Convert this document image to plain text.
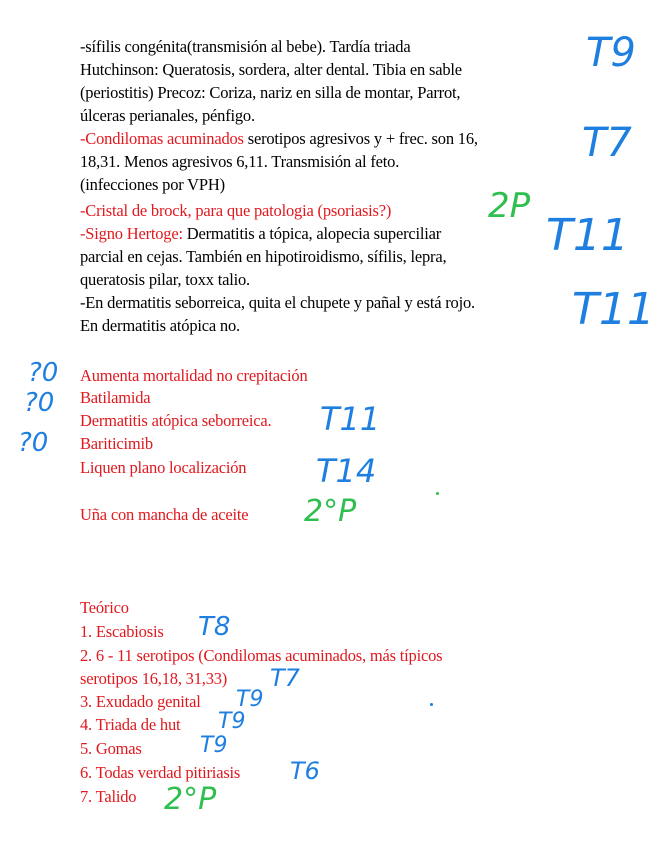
-sífilis congénita(transmisión al bebe). Tardía triada
Hutchinson: Queratosis, sordera, alter dental. Tibia en sable
(periostitis) Precoz: Coriza, nariz en silla de montar, Parrot,
úlceras perianales, pénfigo.
-Condilomas acuminados serotipos agresivos y + frec. son 16,
18,31. Menos agresivos 6,11. Transmisión al feto.
(infecciones por VPH)
-Cristal de brock, para que patologia (psoriasis?)
-Signo Hertoge: Dermatitis a tópica, alopecia superciliar
parcial en cejas. También en hipotiroidismo, sífilis, lepra,
queratosis pilar, toxx talio.
-En dermatitis seborreica, quita el chupete y pañal y está rojo.
En dermatitis atópica no.
Aumenta mortalidad no crepitación
Batilamida
Dermatitis atópica seborreica.
Bariticimib
Liquen plano localización
Uña con mancha de aceite
Teórico
1. Escabiosis
2. 6 - 11 serotipos (Condilomas acuminados, más típicos
serotipos 16,18, 31,33)
3. Exudado genital
4. Triada de hut
5. Gomas
6. Todas verdad pitiriasis
7. Talido
T9
T7
2P
T11
T11
?0
?0
?0
T11
T14
2°P
T8
T7
T9
T9
T9
T6
2°P
